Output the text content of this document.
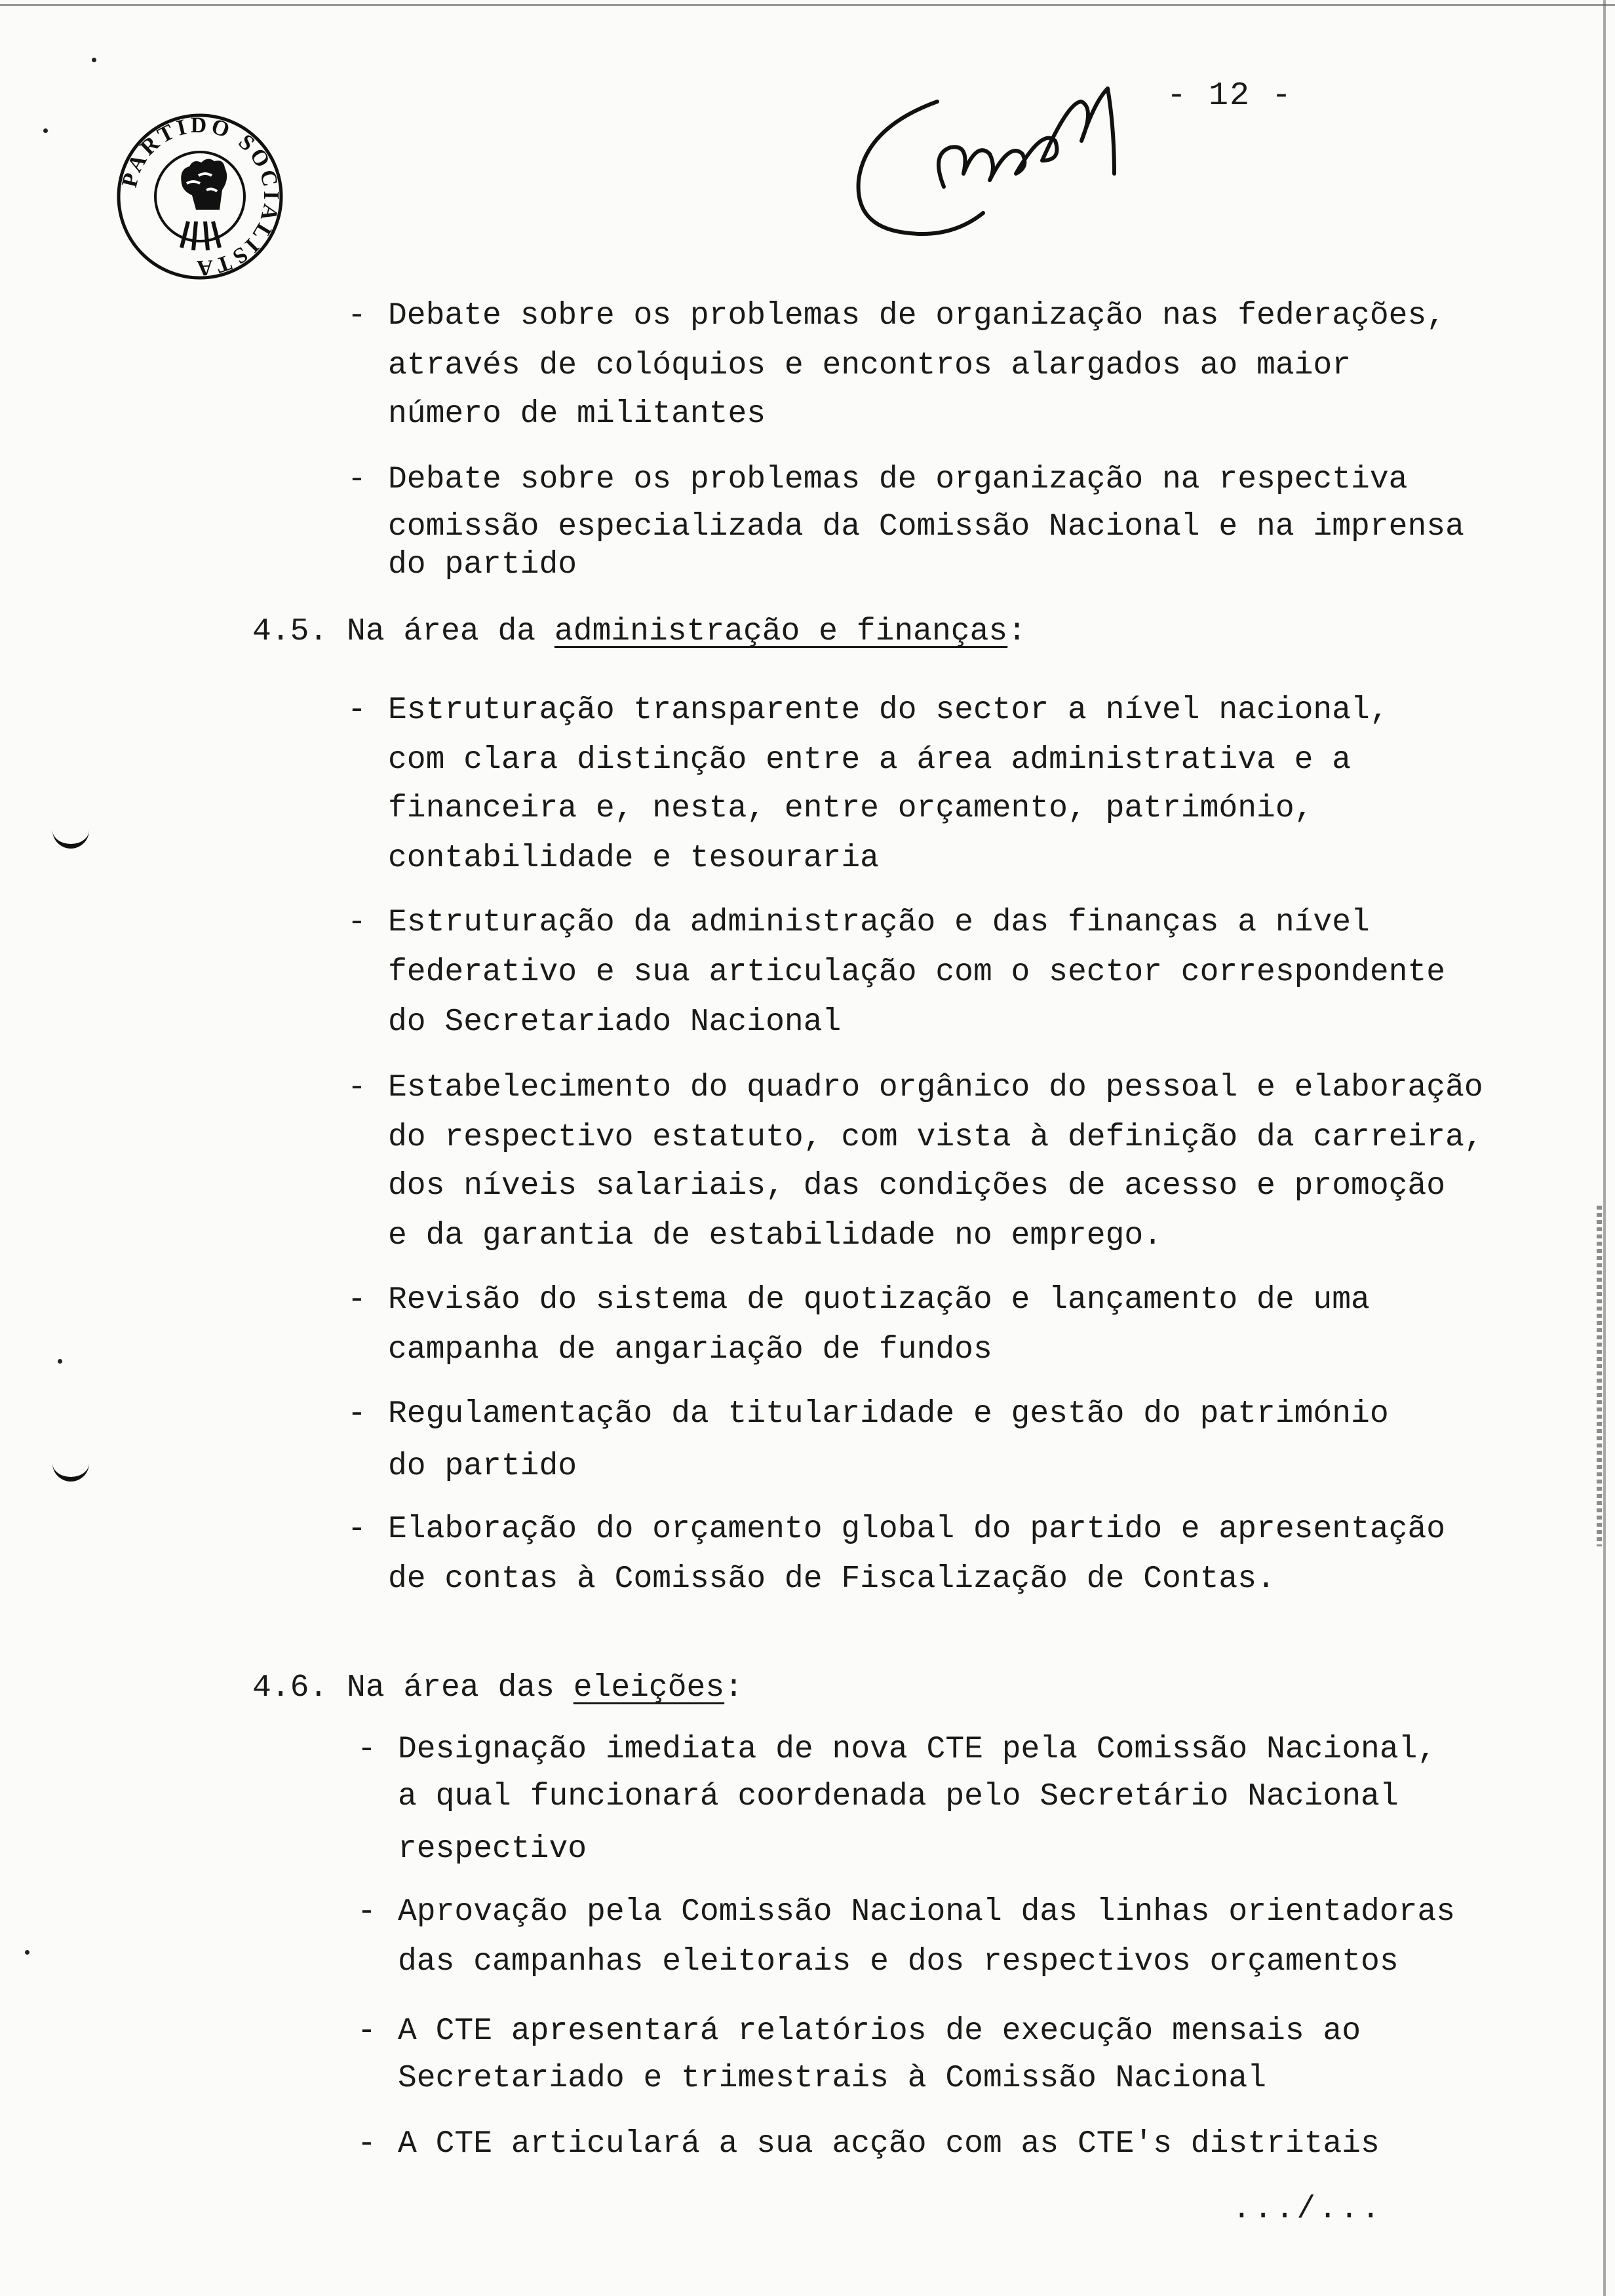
PARTIDO SOCIALISTA
- 12 -
- Debate sobre os problemas de organização nas federações,
através de colóquios e encontros alargados ao maior
número de militantes
- Debate sobre os problemas de organização na respectiva
comissão especializada da Comissão Nacional e na imprensa
do partido
4.5. Na área da administração e finanças:
- Estruturação transparente do sector a nível nacional,
com clara distinção entre a área administrativa e a
financeira e, nesta, entre orçamento, património,
contabilidade e tesouraria
- Estruturação da administração e das finanças a nível
federativo e sua articulação com o sector correspondente
do Secretariado Nacional
- Estabelecimento do quadro orgânico do pessoal e elaboração
do respectivo estatuto, com vista à definição da carreira,
dos níveis salariais, das condições de acesso e promoção
e da garantia de estabilidade no emprego.
- Revisão do sistema de quotização e lançamento de uma
campanha de angariação de fundos
- Regulamentação da titularidade e gestão do património
do partido
- Elaboração do orçamento global do partido e apresentação
de contas à Comissão de Fiscalização de Contas.
4.6. Na área das eleições:
- Designação imediata de nova CTE pela Comissão Nacional,
a qual funcionará coordenada pelo Secretário Nacional
respectivo
- Aprovação pela Comissão Nacional das linhas orientadoras
das campanhas eleitorais e dos respectivos orçamentos
- A CTE apresentará relatórios de execução mensais ao
Secretariado e trimestrais à Comissão Nacional
- A CTE articulará a sua acção com as CTE's distritais
.../...
